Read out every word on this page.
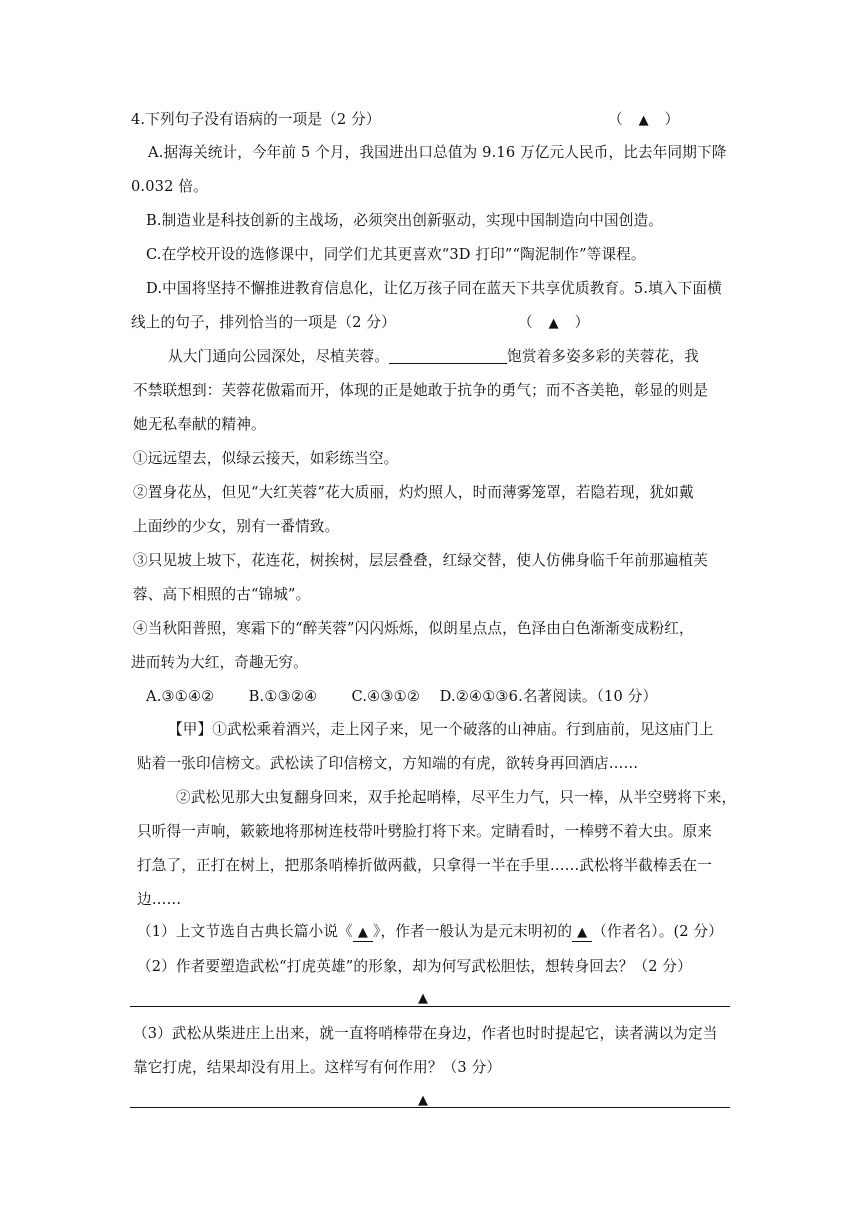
4.下列句子没有语病的一项是（2 分）	（ ▲ ）
A.据海关统计，今年前 5 个月，我国进出口总值为 9.16 万亿元人民币，比去年同期下降
0.032 倍。
B.制造业是科技创新的主战场，必须突出创新驱动，实现中国制造向中国创造。
C.在学校开设的选修课中，同学们尤其更喜欢“3D 打印”“陶泥制作”等课程。
D.中国将坚持不懈推进教育信息化，让亿万孩子同在蓝天下共享优质教育。5.填入下面横
线上的句子，排列恰当的一项是（2 分）	（ ▲ ）
从大门通向公园深处，尽植芙蓉。	饱赏着多姿多彩的芙蓉花，我
不禁联想到：芙蓉花傲霜而开，体现的正是她敢于抗争的勇气；而不吝美艳，彰显的则是
她无私奉献的精神。
①远远望去，似绿云接天，如彩练当空。
②置身花丛，但见“大红芙蓉”花大质丽，灼灼照人，时而薄雾笼罩，若隐若现，犹如戴
上面纱的少女，别有一番情致。
③只见坡上坡下，花连花，树挨树，层层叠叠，红绿交替，使人仿佛身临千年前那遍植芙
蓉、高下相照的古“锦城”。
④当秋阳普照，寒霜下的“醉芙蓉”闪闪烁烁，似朗星点点，色泽由白色渐渐变成粉红，
进而转为大红，奇趣无穷。
A.③①④②　　 B.①③②④　　 C.④③①②　 D.②④①③6.名著阅读。（10 分）
【甲】①武松乘着酒兴，走上冈子来，见一个破落的山神庙。行到庙前，见这庙门上
贴着一张印信榜文。武松读了印信榜文，方知端的有虎，欲转身再回酒店……
②武松见那大虫复翻身回来，双手抡起哨棒，尽平生力气，只一棒，从半空劈将下来，
只听得一声响，簌簌地将那树连枝带叶劈脸打将下来。定睛看时，一棒劈不着大虫。原来
打急了，正打在树上，把那条哨棒折做两截，只拿得一半在手里……武松将半截棒丢在一
边……
（1）上文节选自古典长篇小说《 ▲ 》，作者一般认为是元末明初的 ▲ （作者名）。(2 分）
（2）作者要塑造武松“打虎英雄”的形象，却为何写武松胆怯，想转身回去？（2 分）
▲
（3）武松从柴进庄上出来，就一直将哨棒带在身边，作者也时时提起它，读者满以为定当
靠它打虎，结果却没有用上。这样写有何作用？（3 分）
▲
